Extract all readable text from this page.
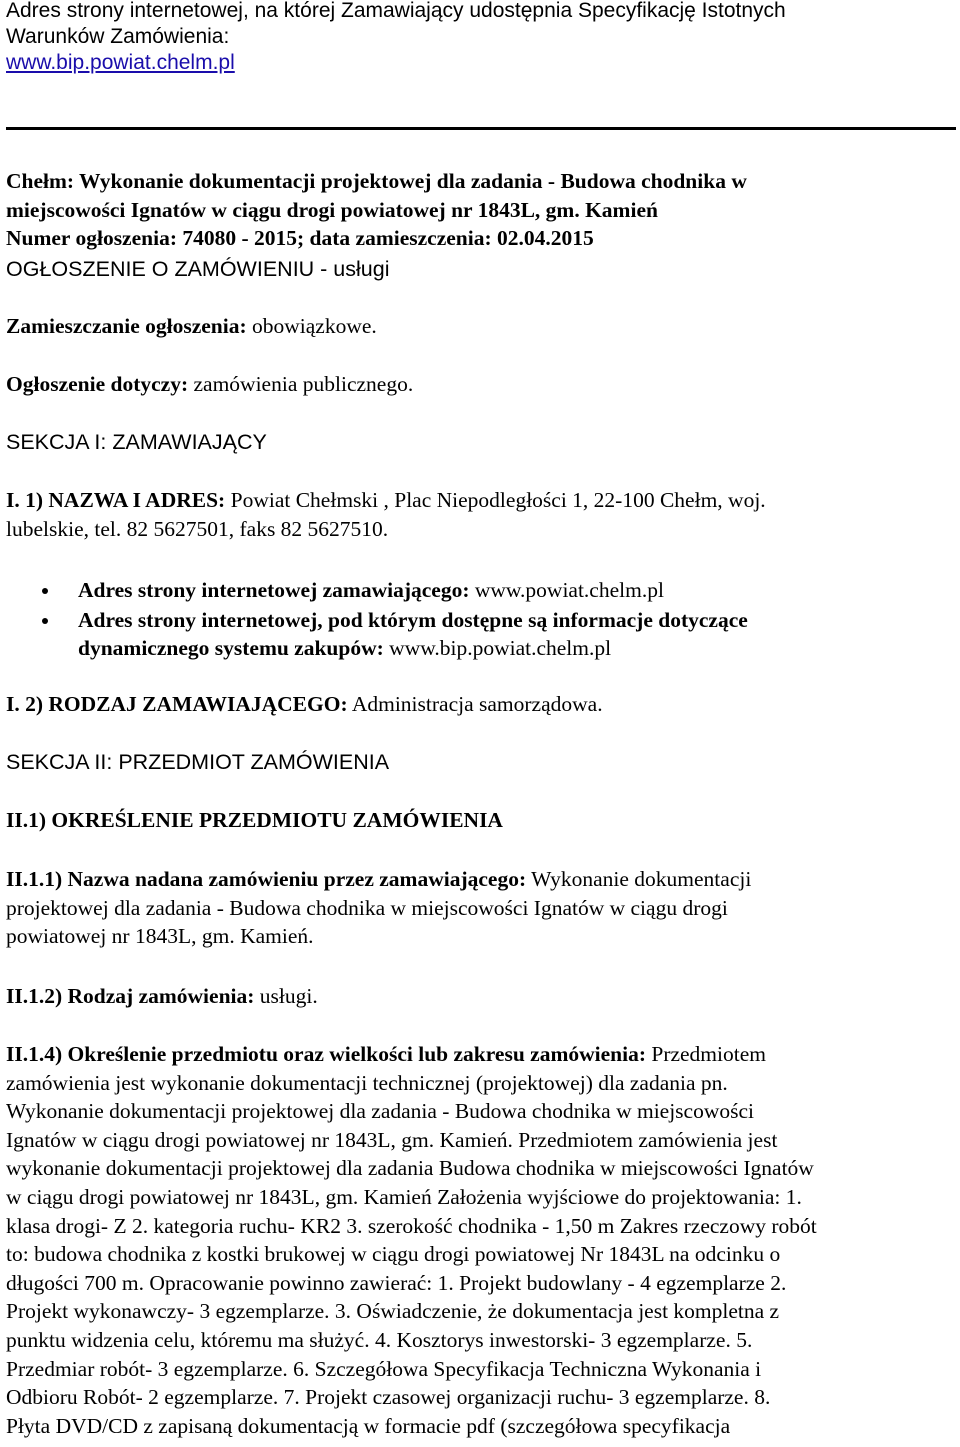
Adres strony internetowej, na której Zamawiający udostępnia Specyfikację Istotnych

Warunków Zamówienia:

www.bip.powiat.chelm.pl

Chełm: Wykonanie dokumentacji projektowej dla zadania - Budowa chodnika w

miejscowości Ignatów w ciągu drogi powiatowej nr 1843L, gm. Kamień

Numer ogłoszenia: 74080 - 2015; data zamieszczenia: 02.04.2015

OGŁOSZENIE O ZAMÓWIENIU - usługi

Zamieszczanie ogłoszenia: obowiązkowe.

Ogłoszenie dotyczy: zamówienia publicznego.

SEKCJA I: ZAMAWIAJĄCY

I. 1) NAZWA I ADRES: Powiat Chełmski , Plac Niepodległości 1, 22-100 Chełm, woj.

lubelskie, tel. 82 5627501, faks 82 5627510.

Adres strony internetowej zamawiającego: www.powiat.chelm.pl
Adres strony internetowej, pod którym dostępne są informacje dotyczące
dynamicznego systemu zakupów: www.bip.powiat.chelm.pl

I. 2) RODZAJ ZAMAWIAJĄCEGO: Administracja samorządowa.

SEKCJA II: PRZEDMIOT ZAMÓWIENIA

II.1) OKREŚLENIE PRZEDMIOTU ZAMÓWIENIA

II.1.1) Nazwa nadana zamówieniu przez zamawiającego: Wykonanie dokumentacji

projektowej dla zadania - Budowa chodnika w miejscowości Ignatów w ciągu drogi

powiatowej nr 1843L, gm. Kamień.

II.1.2) Rodzaj zamówienia: usługi.

II.1.4) Określenie przedmiotu oraz wielkości lub zakresu zamówienia: Przedmiotem

zamówienia jest wykonanie dokumentacji technicznej (projektowej) dla zadania pn.

Wykonanie dokumentacji projektowej dla zadania - Budowa chodnika w miejscowości

Ignatów w ciągu drogi powiatowej nr 1843L, gm. Kamień. Przedmiotem zamówienia jest

wykonanie dokumentacji projektowej dla zadania Budowa chodnika w miejscowości Ignatów

w ciągu drogi powiatowej nr 1843L, gm. Kamień Założenia wyjściowe do projektowania: 1.

klasa drogi- Z 2. kategoria ruchu- KR2 3. szerokość chodnika - 1,50 m Zakres rzeczowy robót

to: budowa chodnika z kostki brukowej w ciągu drogi powiatowej Nr 1843L na odcinku o

długości 700 m. Opracowanie powinno zawierać: 1. Projekt budowlany - 4 egzemplarze 2.

Projekt wykonawczy- 3 egzemplarze. 3. Oświadczenie, że dokumentacja jest kompletna z

punktu widzenia celu, któremu ma służyć. 4. Kosztorys inwestorski- 3 egzemplarze. 5.

Przedmiar robót- 3 egzemplarze. 6. Szczegółowa Specyfikacja Techniczna Wykonania i

Odbioru Robót- 2 egzemplarze. 7. Projekt czasowej organizacji ruchu- 3 egzemplarze. 8.

Płyta DVD/CD z zapisaną dokumentacją w formacie pdf (szczegółowa specyfikacja
